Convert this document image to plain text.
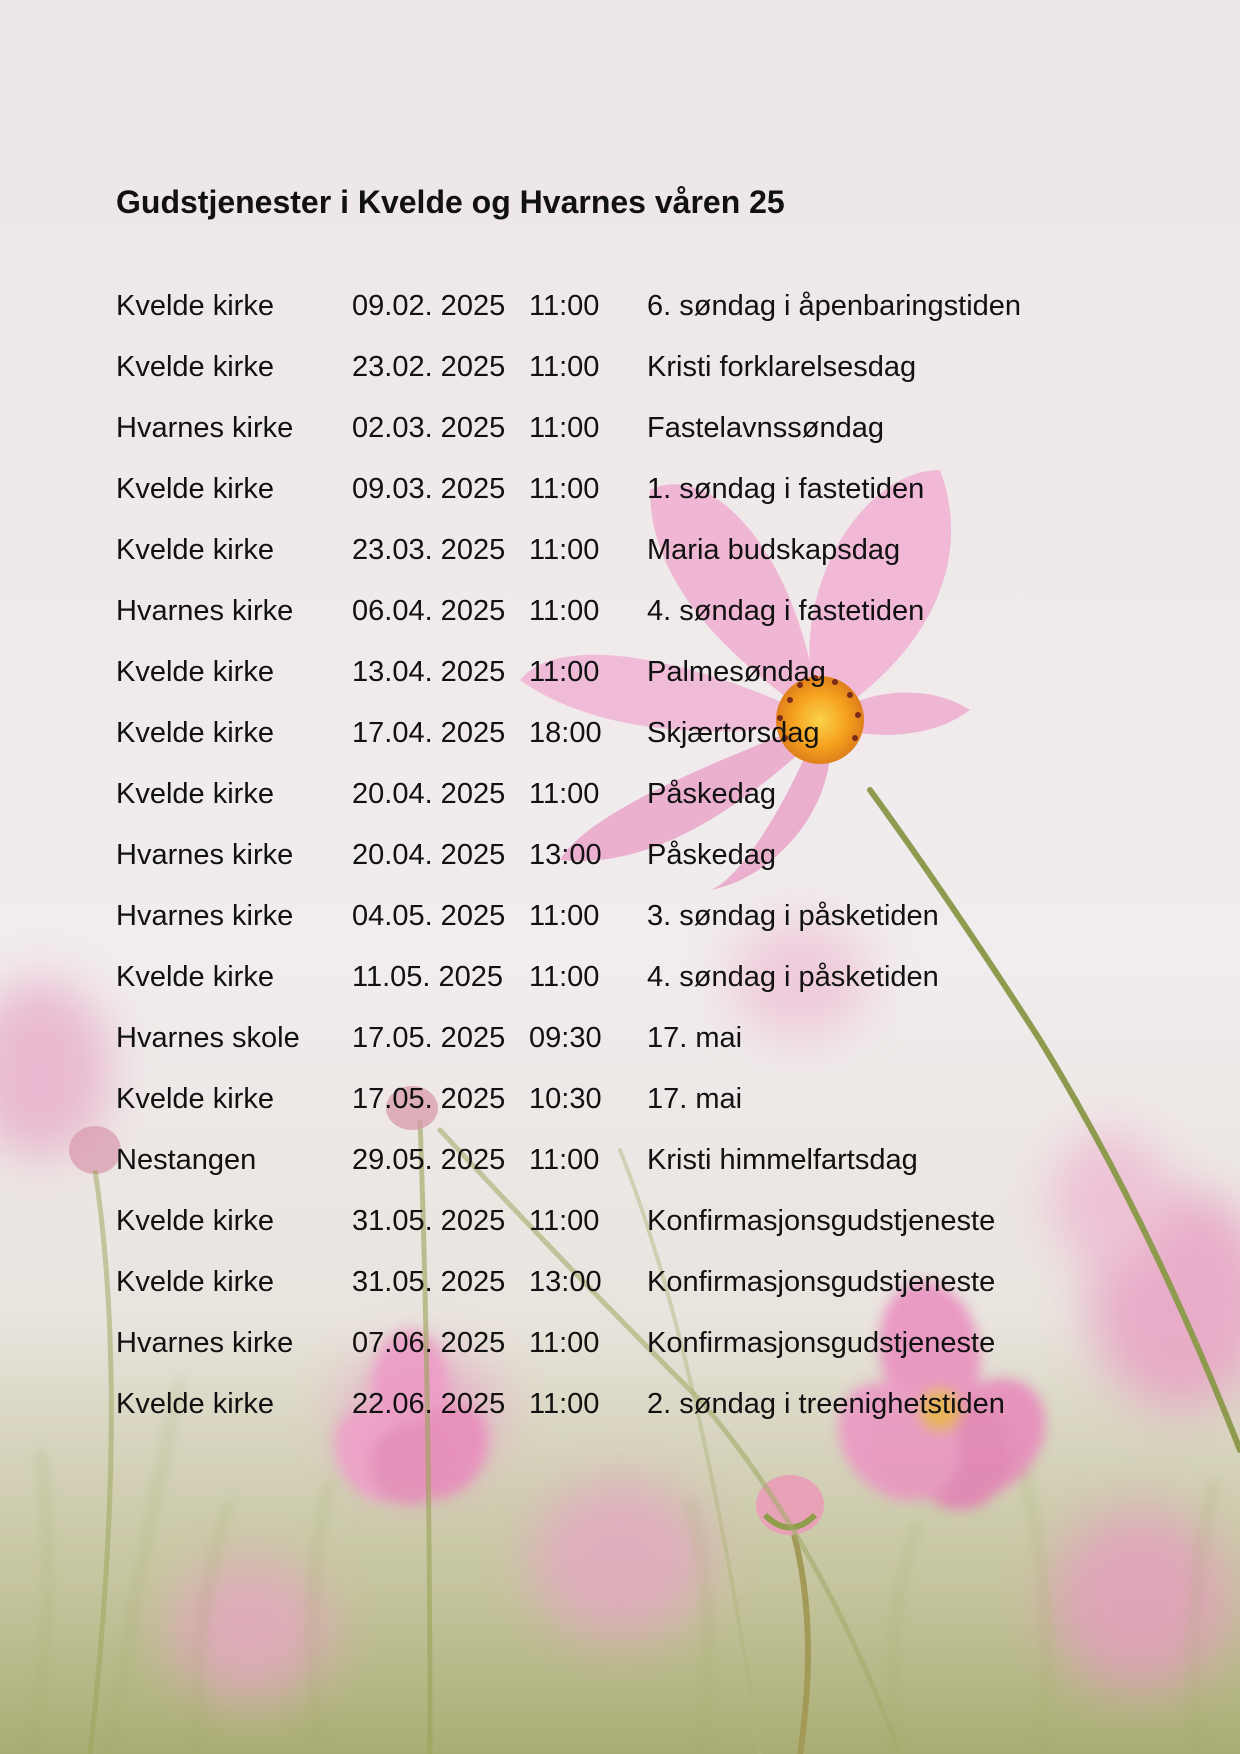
Gudstjenester i Kvelde og Hvarnes våren 25
Kvelde kirke	09.02. 2025 11:00 6. søndag i åpenbaringstiden
Kvelde kirke	23.02. 2025 11:00 Kristi forklarelsesdag
Hvarnes kirke 02.03. 2025 11:00 Fastelavnssøndag
Kvelde kirke	09.03. 2025 11:00 1. søndag i fastetiden
Kvelde kirke	23.03. 2025 11:00 Maria budskapsdag
Hvarnes kirke 06.04. 2025 11:00 4. søndag i fastetiden
Kvelde kirke	13.04. 2025 11:00 Palmesøndag
Kvelde kirke	17.04. 2025 18:00 Skjærtorsdag
Kvelde kirke	20.04. 2025 11:00 Påskedag
Hvarnes kirke 20.04. 2025 13:00 Påskedag
Hvarnes kirke 04.05. 2025 11:00 3. søndag i påsketiden
Kvelde kirke	11.05. 2025 11:00 4. søndag i påsketiden
Hvarnes skole 17.05. 2025 09:30 17. mai
Kvelde kirke	17.05. 2025 10:30 17. mai
Nestangen	29.05. 2025 11:00 Kristi himmelfartsdag
Kvelde kirke	31.05. 2025 11:00 Konfirmasjonsgudstjeneste
Kvelde kirke	31.05. 2025 13:00 Konfirmasjonsgudstjeneste
Hvarnes kirke 07.06. 2025 11:00 Konfirmasjonsgudstjeneste
Kvelde kirke	22.06. 2025 11:00 2. søndag i treenighetstiden
